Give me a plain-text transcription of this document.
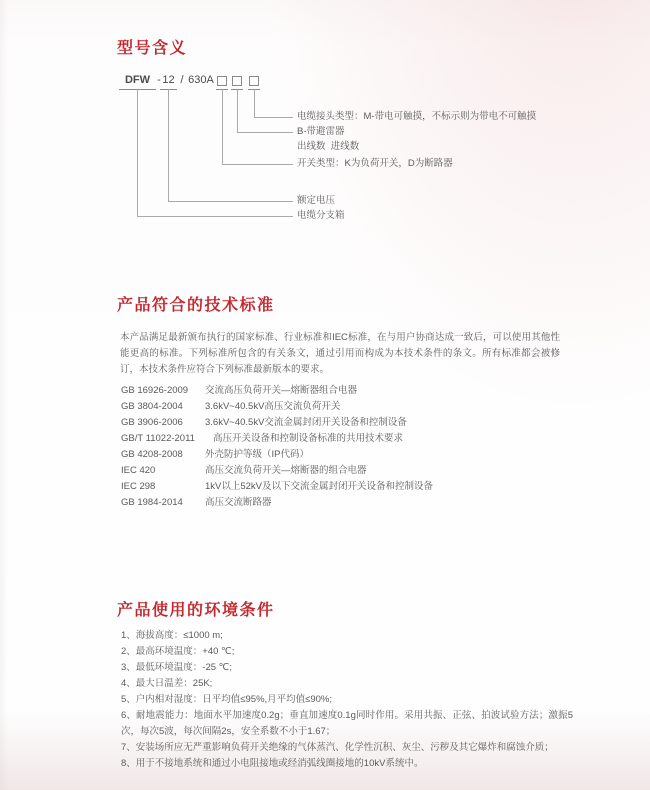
型号含义
DFW - 12 / 630A
电缆接头类型：M-带电可触摸，不标示则为带电不可触摸
B-带避雷器
出线数  进线数
开关类型：K为负荷开关，D为断路器
额定电压
电缆分支箱
产品符合的技术标准
本产品满足最新颁布执行的国家标准、行业标准和IEC标准，在与用户协商达成一致后，可以使用其他性能更高的标准。下列标准所包含的有关条文，通过引用而构成为本技术条件的条文。所有标准都会被修订，本技术条件应符合下列标准最新版本的要求。
GB 16926-2009	交流高压负荷开关—熔断器组合电器
GB 3804-2004	3.6kV~40.5kV高压交流负荷开关
GB 3906-2006	3.6kV~40.5kV交流金属封闭开关设备和控制设备
GB/T 11022-2011	高压开关设备和控制设备标准的共用技术要求
GB 4208-2008	外壳防护等级（IP代码）
IEC 420	高压交流负荷开关—熔断器的组合电器
IEC 298	1kV以上52kV及以下交流金属封闭开关设备和控制设备
GB 1984-2014	高压交流断路器
产品使用的环境条件
1、海拔高度：≤1000 m;
2、最高环境温度：+40 ℃;
3、最低环境温度：-25 ℃;
4、最大日温差：25K;
5、户内相对湿度：日平均值≤95%,月平均值≤90%;
6、耐地震能力：地面水平加速度0.2g；垂直加速度0.1g同时作用。采用共振、正弦、拍波试验方法；激振5次，每次5波，每次间隔2s，安全系数不小于1.67；
7、安装场所应无严重影响负荷开关绝缘的气体蒸汽、化学性沉积、灰尘、污秽及其它爆炸和腐蚀介质；
8、用于不接地系统和通过小电阻接地或经消弧线圈接地的10kV系统中。
